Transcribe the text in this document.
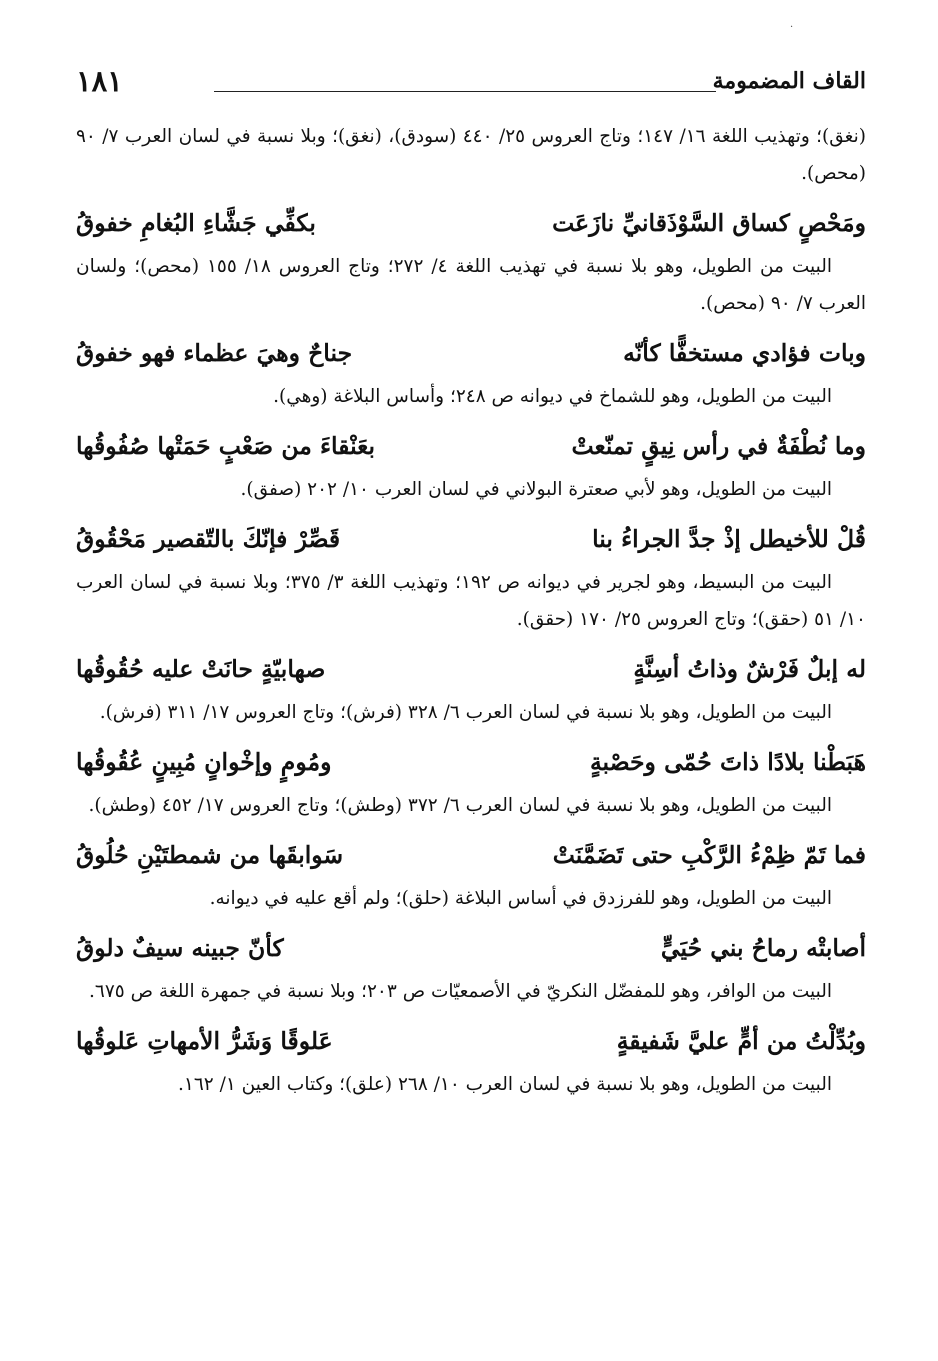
·
١٨١	القاف المضمومة

(نغق)؛ وتهذيب اللغة ١٦/ ١٤٧؛ وتاج العروس ٢٥/ ٤٤٠ (سودق)، (نغق)؛ وبلا نسبة في لسان العرب ٧/ ٩٠ (محص).

ومَحْصٍ كساق السَّوْذَقانيِّ نازَعَت
بكفِّي جَشَّاءِ البُغامِ خفوقُ

البيت من الطويل، وهو بلا نسبة في تهذيب اللغة ٤/ ٢٧٢؛ وتاج العروس ١٨/ ١٥٥ (محص)؛ ولسان العرب ٧/ ٩٠ (محص).

وبات فؤادي مستخفًّا كأنّه
جناحٌ وهيَ عظماء فهو خفوقُ

البيت من الطويل، وهو للشماخ في ديوانه ص ٢٤٨؛ وأساس البلاغة (وهي).

وما نُطْفَةٌ في رأس نِيقٍ تمنّعتْ
بعَنْقاءَ من صَعْبٍ حَمَتْها صُفُوقُها

البيت من الطويل، وهو لأبي صعترة البولاني في لسان العرب ١٠/ ٢٠٢ (صفق).

قُلْ للأخيطل إذْ جدَّ الجراءُ بنا
قَصِّرْ فإنّكَ بالتّقصير مَحْقُوقُ

البيت من البسيط، وهو لجرير في ديوانه ص ١٩٢؛ وتهذيب اللغة ٣/ ٣٧٥؛ وبلا نسبة في لسان العرب ١٠/ ٥١ (حقق)؛ وتاج العروس ٢٥/ ١٧٠ (حقق).

له إبلٌ فَرْشٌ وذاتُ أسِنَّةٍ
صهابيّةٍ حانَتْ عليه حُقُوقُها

البيت من الطويل، وهو بلا نسبة في لسان العرب ٦/ ٣٢٨ (فرش)؛ وتاج العروس ١٧/ ٣١١ (فرش).

هَبَطْنا بلادًا ذاتَ حُمّى وحَصْبةٍ
ومُومٍ وإخْوانٍ مُبِينٍ عُقُوقُها

البيت من الطويل، وهو بلا نسبة في لسان العرب ٦/ ٣٧٢ (وطش)؛ وتاج العروس ١٧/ ٤٥٢ (وطش).

فما تَمّ ظِمْءُ الرَّكْبِ حتى تَضَمَّنَتْ
سَوابقَها من شمطتَيْنِ حُلُوقُ

البيت من الطويل، وهو للفرزدق في أساس البلاغة (حلق)؛ ولم أقع عليه في ديوانه.

أصابتْه رماحُ بني حُيَيٍّ
كأنّ جبينه سيفٌ دلوقُ

البيت من الوافر، وهو للمفضّل النكريّ في الأصمعيّات ص ٢٠٣؛ وبلا نسبة في جمهرة اللغة ص ٦٧٥.

وبُدِّلْتُ من أمٍّ عليَّ شَفيقةٍ
عَلوقًا وَشَرُّ الأمهاتِ عَلوقُها

البيت من الطويل، وهو بلا نسبة في لسان العرب ١٠/ ٢٦٨ (علق)؛ وكتاب العين ١/ ١٦٢.
